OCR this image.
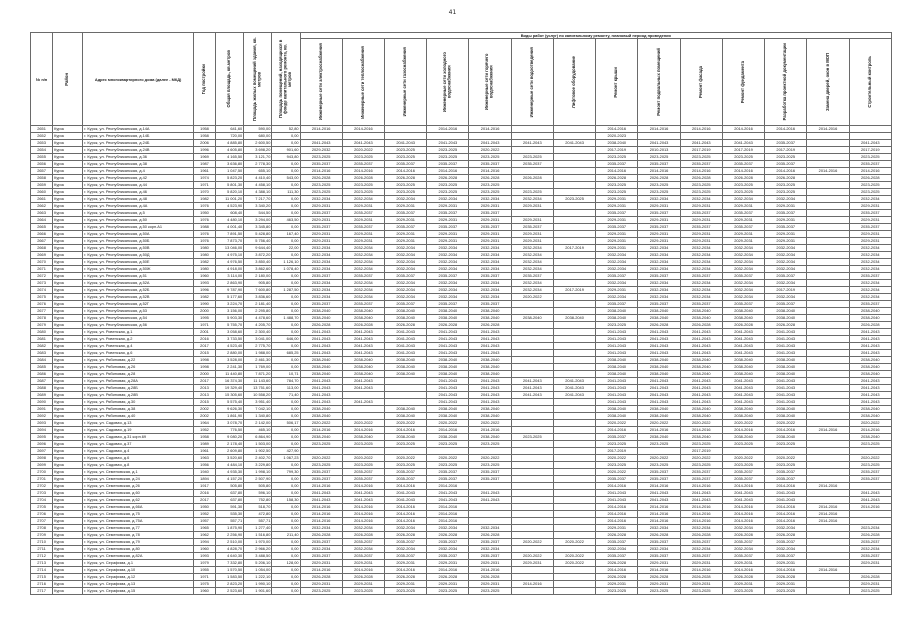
41
№ п/п	Район	Адрес многоквартирного дома (далее - МКД)	Год постройки	Общая площадь, кв.метров	Площадь жилых помещений здания, кв. метров	Площадь помещений, находящихся в фонде капитального ремонта, кв. метров	Виды работ (услуг) по капитальному ремонту, плановый период проведения													

							Инженерные сети электроснабжения	Инженерные сети теплоснабжения	Инженерные сети газоснабжения	Инженерные сети холодного водоснабжения	Инженерные сети горячего водоснабжения	Инженерные сети водоотведения	Лифтовое оборудование	Ремонт крыши	Ремонт подвальных помещений	Ремонт фасада	Ремонт фундамента	Разработка проектной документации	Замена дверей, окон в МОП	Строительный контроль

2651	Курск	г. Курск, ул. Республиканская, д.14А	1958	641,60	590,00	52,80	2014-2016	2014-2016		2014-2016	2014-2016			2014-2016	2014-2016	2014-2016	2014-2016	2014-2016	2014-2016	
2652	Курск	г. Курск, ул. Республиканская, д.14Б	1958	720,00	680,00	0,00								2020-2023						
2653	Курск	г. Курск, ул. Республиканская, д.24Б	2006	4 885,80	2 600,50	0,00	2041-2043	2041-2043	2041-2043	2041-2043	2041-2043	2041-2043	2041-2043	2038-2040	2041-2043	2041-2043	2041-2043	2035-2037		2041-2043
2654	Курск	г. Курск, ул. Республиканская, д.24В	1996	4 605,80	3 698,20	901,60	2029-2032	2020-2022	2023-2025	2023-2025	2020-2022			2017-2019	2010-2013	2017-2019	2017-2019	2017-2019		2017-2019
2655	Курск	г. Курск, ул. Республиканская, д.36	1969	4 165,50	3 121,70	943,80	2023-2025	2023-2025	2023-2025	2023-2025	2023-2025	2023-2025		2023-2025	2023-2025	2023-2025	2023-2025	2023-2025		2023-2025
2656	Курск	г. Курск, ул. Республиканская, д.38	1987	3 636,80	2 778,30	0,00	2035-2037	2035-2037	2035-2037	2035-2037	2035-2037	2035-2037		2035-2037	2035-2037	2035-2037	2035-2037	2035-2037		2035-2037
2657	Курск	г. Курск, ул. Республиканская, д.4	1961	1 047,50	655,10	0,00	2014-2016	2014-2016	2014-2016	2014-2016	2014-2016			2014-2016	2014-2016	2014-2016	2014-2016	2014-2016	2014-2016	2014-2016
2658	Курск	г. Курск, ул. Республиканская, д.42	1974	5 823,20	4 410,40	543,00	2026-2028	2026-2028	2026-2028	2026-2028	2026-2028	2026-2028		2026-2028	2026-2028	2026-2028	2026-2028	2026-2028		2026-2028
2659	Курск	г. Курск, ул. Республиканская, д.44	1971	5 801,30	4 458,10	0,00	2023-2025	2023-2025	2023-2025	2023-2025	2023-2025			2023-2025	2023-2025	2023-2025	2023-2025	2023-2025		2023-2025
2660	Курск	г. Курск, ул. Республиканская, д.46	1970	5 820,10	4 388,10	111,30	2023-2025	2023-2025	2023-2025	2023-2025	2023-2025	2023-2025		2023-2025	2023-2025	2023-2025	2023-2025	2023-2025		2023-2025
2661	Курск	г. Курск, ул. Республиканская, д.48	1982	11 001,20	7 217,70	0,00	2032-2034	2032-2034	2032-2034	2032-2034	2032-2034	2032-2034	2023-2025	2029-2031	2032-2034	2032-2034	2032-2034	2032-2034		2032-2034
2662	Курск	г. Курск, ул. Республиканская, д.4А	1976	4 523,90	3 340,20	0,00	2029-2031	2029-2031	2029-2031	2029-2031	2029-2031	2029-2031		2029-2031	2029-2031	2029-2031	2029-2031	2029-2031		2029-2031
2663	Курск	г. Курск, ул. Республиканская, д.5	1950	608,40	544,50	0,00	2035-2037	2035-2037	2035-2037	2035-2037	2035-2037			2035-2037	2035-2037	2035-2037	2035-2037	2035-2037		2035-2037
2664	Курск	г. Курск, ул. Республиканская, д.50	1976	4 480,10	3 294,00	463,50	2029-2031	2029-2031	2029-2031	2029-2031	2029-2031	2029-2031		2029-2031	2029-2031	2029-2031	2029-2031	2029-2031		2029-2031
2665	Курск	г. Курск, ул. Республиканская, д.50 корп.А1	1988	4 001,40	3 345,80	0,00	2035-2037	2035-2037	2035-2037	2035-2037	2035-2037	2035-2037		2035-2037	2035-2037	2035-2037	2035-2037	2035-2037		2035-2037
2666	Курск	г. Курск, ул. Республиканская, д.50А	1976	7 891,50	5 428,80	167,40	2029-2031	2029-2031	2029-2031	2029-2031	2029-2031	2029-2031		2029-2031	2029-2031	2029-2031	2029-2031	2029-2031		2029-2031
2667	Курск	г. Курск, ул. Республиканская, д.50Б	1976	7 873,70	5 756,40	0,00	2029-2031	2029-2031	2029-2031	2029-2031	2029-2031	2029-2031		2029-2031	2029-2031	2029-2031	2029-2031	2029-2031		2029-2031
2668	Курск	г. Курск, ул. Республиканская, д.50В	1980	13 046,00	9 644,40	22,00	2032-2034	2032-2034	2032-2034	2032-2034	2032-2034	2032-2034	2017-2019	2029-2031	2032-2034	2032-2034	2032-2034	2032-2034		2032-2034
2669	Курск	г. Курск, ул. Республиканская, д.50Д	1980	4 975,10	3 872,20	0,00	2032-2034	2032-2034	2032-2034	2032-2034	2032-2034	2032-2034		2032-2034	2032-2034	2032-2034	2032-2034	2032-2034		2032-2034
2670	Курск	г. Курск, ул. Республиканская, д.50Е	1982	4 976,50	3 850,40	1 126,10	2032-2034	2032-2034	2032-2034	2032-2034	2032-2034	2032-2034		2032-2034	2032-2034	2032-2034	2032-2034	2032-2034		2032-2034
2671	Курск	г. Курск, ул. Республиканская, д.50Ж	1980	4 918,00	3 862,60	1 078,40	2032-2034	2032-2034	2032-2034	2032-2034	2032-2034	2032-2034		2032-2034	2032-2034	2032-2034	2032-2034	2032-2034		2032-2034
2672	Курск	г. Курск, ул. Республиканская, д.51	1960	3 114,00	2 180,00	0,00	2035-2037	2035-2037	2035-2037	2035-2037	2035-2037	2035-2037		2035-2037	2035-2037	2035-2037	2035-2037	2035-2037		2035-2037
2673	Курск	г. Курск, ул. Республиканская, д.52А	1993	2 863,90	905,80	0,00	2032-2034	2032-2034	2032-2034	2032-2034	2032-2034	2032-2034		2032-2034	2032-2034	2032-2034	2032-2034	2032-2034		2032-2034
2674	Курск	г. Курск, ул. Республиканская, д.52Б	1996	9 787,90	7 600,80	1 287,50	2032-2034	2032-2034	2032-2034	2032-2034	2032-2034	2032-2034	2017-2019	2029-2031	2032-2034	2032-2034	2032-2034	2017-2019		2032-2034
2675	Курск	г. Курск, ул. Республиканская, д.52В	1982	5 177,60	3 836,60	0,00	2032-2034	2032-2034	2032-2034	2032-2034	2032-2034	2020-2022		2032-2034	2032-2034	2032-2034	2032-2034	2032-2034		2032-2034
2676	Курск	г. Курск, ул. Республиканская, д.52Г	1990	3 224,70	2 181,40	0,00	2035-2037	2035-2037	2035-2037	2035-2037	2035-2037			2035-2037	2035-2037	2035-2037	2035-2037	2035-2037		2035-2037
2677	Курск	г. Курск, ул. Республиканская, д.53	2000	3 156,00	2 295,80	0,00	2038-2040	2038-2040	2038-2040	2038-2040	2038-2040			2038-2040	2038-2040	2038-2040	2038-2040	2038-2040		2038-2040
2678	Курск	г. Курск, ул. Республиканская, д.54	1995	5 903,30	4 478,60	1 488,70	2038-2040	2038-2040	2038-2040	2038-2040	2038-2040	2038-2040	2038-2040	2038-2040	2038-2040	2038-2040	2038-2040	2038-2040		2038-2040
2679	Курск	г. Курск, ул. Республиканская, д.56	1971	5 755,70	4 205,70	0,00	2026-2028	2026-2028	2026-2028	2026-2028	2026-2028			2023-2025	2026-2028	2026-2028	2026-2028	2026-2028		2026-2028
2680	Курск	г. Курск, ул. Ровенская, д.1	2001	3 058,60	2 300,40	0,00	2041-2043	2041-2043	2041-2043	2041-2043	2041-2043			2041-2043	2041-2043	2041-2043	2041-2043	2041-2043		2041-2043
2681	Курск	г. Курск, ул. Ровенская, д.2	2016	3 733,50	3 041,00	646,00	2041-2043	2041-2043	2041-2043	2041-2043	2041-2043			2041-2043	2041-2043	2041-2043	2041-2043	2041-2043		2041-2043
2682	Курск	г. Курск, ул. Ровенская, д.4	2017	4 523,40	2 775,70	0,00	2041-2043	2041-2043	2041-2043	2041-2043	2041-2043			2041-2043	2041-2043	2041-2043	2041-2043	2041-2043		2041-2043
2683	Курск	г. Курск, ул. Ровенская, д.6	2015	2 880,00	1 988,00	685,25	2041-2043	2041-2043	2041-2043	2041-2043	2041-2043			2041-2043	2041-2043	2041-2043	2041-2043	2041-2043		2041-2043
2684	Курск	г. Курск, ул. Рябиновая, д.22	1998	3 528,00	2 461,30	0,00	2038-2040	2038-2040	2038-2040	2038-2040	2038-2040			2038-2040	2038-2040	2038-2040	2038-2040	2038-2040		2038-2040
2685	Курск	г. Курск, ул. Рябиновая, д.26	1998	2 241,30	1 769,00	0,00	2038-2040	2038-2040	2038-2040	2038-2040	2038-2040			2038-2040	2038-2040	2038-2040	2038-2040	2038-2040		2038-2040
2686	Курск	г. Курск, ул. Рябиновая, д.28	2000	11 440,80	7 871,20	10,71	2038-2040	2038-2040	2038-2040	2038-2040	2038-2040			2038-2040	2038-2040	2038-2040	2038-2040	2038-2040		2038-2040
2687	Курск	г. Курск, ул. Рябиновая, д.28А	2017	16 374,30	11 143,60	784,70	2041-2043	2041-2043		2041-2043	2041-2043	2041-2043	2041-2043	2041-2043	2041-2043	2041-2043	2041-2043	2041-2043		2041-2043
2688	Курск	г. Курск, ул. Рябиновая, д.28Б	2013	19 329,40	13 751,60	113,00	2041-2043	2041-2043		2041-2043	2041-2043	2041-2043	2041-2043	2041-2043	2041-2043	2041-2043	2041-2043	2041-2043		2041-2043
2689	Курск	г. Курск, ул. Рябиновая, д.28В	2013	15 305,60	10 558,20	71,40	2041-2043			2041-2043	2041-2043	2041-2043	2041-2043	2041-2043	2041-2043	2041-2043	2041-2043	2041-2043		2041-2043
2690	Курск	г. Курск, ул. Рябиновая, д.30	2015	5 575,40	3 951,40	0,00	2041-2043	2041-2043		2041-2043	2041-2043			2041-2043	2041-2043	2041-2043	2041-2043	2041-2043		2041-2043
2691	Курск	г. Курск, ул. Рябиновая, д.38	2002	9 626,30	7 042,10	0,00	2038-2040		2038-2040	2038-2040	2038-2040			2038-2040	2038-2040	2038-2040	2038-2040	2038-2040		2038-2040
2692	Курск	г. Курск, ул. Рябиновая, д.40	2002	1 861,90	1 340,80	0,00	2038-2040		2038-2040	2038-2040	2038-2040			2038-2040	2038-2040	2038-2040	2038-2040	2038-2040		2038-2040
2693	Курск	г. Курск, ул. Садовая, д.13	1964	3 078,70	2 142,00	506,17	2020-2022	2020-2022	2020-2022	2020-2022	2020-2022			2020-2022	2020-2022	2020-2022	2020-2022	2020-2022		2020-2022
2694	Курск	г. Курск, ул. Садовая, д.19	1952	776,50	465,10	0,00	2014-2016	2014-2016	2014-2016	2014-2016	2014-2016			2014-2016	2014-2016	2014-2016	2014-2016	2014-2016	2014-2016	2014-2016
2695	Курск	г. Курск, ул. Садовая, д.31 корп.69	1958	9 080,20	6 864,90	0,00	2038-2040	2038-2040	2038-2040	2038-2040	2038-2040	2023-2025		2035-2037	2038-2040	2038-2040	2038-2040	2038-2040		2038-2040
2696	Курск	г. Курск, ул. Садовая, д.37	1989	2 178,40	1 503,00	0,00	2023-2025	2023-2025	2023-2025	2023-2025	2023-2025			2023-2025	2023-2025	2023-2025	2023-2025	2023-2025		2023-2025
2697	Курск	г. Курск, ул. Садовая, д.4	1961	2 609,80	1 902,50	427,90								2017-2019		2017-2019				
2698	Курск	г. Курск, ул. Садовая, д.6	1963	3 520,60	2 402,70	1 067,23	2020-2022	2020-2022	2020-2022	2020-2022	2020-2022			2020-2022	2020-2022	2020-2022	2020-2022	2020-2022		2020-2022
2699	Курск	г. Курск, ул. Садовая, д.8	1956	4 484,10	3 229,80	0,00	2023-2025	2023-2025	2023-2025	2023-2025	2023-2025			2023-2025	2023-2025	2023-2025	2023-2025	2023-2025		2023-2025
2700	Курск	г. Курск, ул. Семеновская, д.1	1940	4 935,30	1 998,10	799,30	2035-2037	2035-2037	2035-2037	2035-2037	2035-2037			2020-2022	2035-2037	2035-2037	2035-2037	2035-2037		2035-2037
2701	Курск	г. Курск, ул. Семеновская, д.24	1894	4 157,20	2 507,90	0,00	2035-2037	2035-2037	2035-2037	2035-2037	2035-2037			2035-2037	2035-2037	2035-2037	2035-2037	2035-2037		2035-2037
2702	Курск	г. Курск, ул. Семеновская, д.26	1917	505,80	505,80	0,00	2014-2016	2014-2016	2014-2016	2014-2016				2014-2016	2014-2016	2014-2016	2014-2016	2014-2016	2014-2016	
2703	Курск	г. Курск, ул. Семеновская, д.60	2016	637,80	596,10	0,00	2041-2043	2041-2043	2041-2043	2041-2043	2041-2043			2041-2043	2041-2043	2041-2043	2041-2043	2041-2043		2041-2043
2704	Курск	г. Курск, ул. Семеновская, д.62	2017	637,80	752,80	158,30	2041-2043	2041-2043	2041-2043	2041-2043	2041-2043			2041-2043	2041-2043	2041-2043	2041-2043	2041-2043		2041-2043
2705	Курск	г. Курск, ул. Семеновская, д.66А	1950	591,30	518,70	0,00	2014-2016	2014-2016	2014-2016	2014-2016				2014-2016	2014-2016	2014-2016	2014-2016	2014-2016	2014-2016	2014-2016
2706	Курск	г. Курск, ул. Семеновская, д.75	1952	535,30	472,80	0,00	2014-2016	2014-2016	2014-2016	2014-2016				2014-2016	2014-2016	2014-2016	2014-2016	2014-2016	2014-2016	
2707	Курск	г. Курск, ул. Семеновская, д.75А	1957	557,71	557,71	0,00	2014-2016	2014-2016	2014-2016	2014-2016				2014-2016	2014-2016	2014-2016	2014-2016	2014-2016	2014-2016	
2708	Курск	г. Курск, ул. Семеновская, д.77	1965	1 875,90	1 277,40	0,00	2032-2034	2032-2034	2032-2034	2032-2034	2032-2034			2029-2031	2032-2034	2032-2034	2032-2034	2032-2034		2023-2034
2709	Курск	г. Курск, ул. Семеновская, д.78	1962	2 256,90	1 516,80	211,40	2026-2028	2026-2028	2026-2028	2026-2028	2026-2028			2026-2028	2026-2028	2026-2028	2026-2028	2026-2028		2026-2028
2710	Курск	г. Курск, ул. Семеновская, д.79	1994	2 510,00	1 970,00	0,00	2035-2037	2035-2037	2035-2037	2035-2037	2035-2037	2020-2022	2020-2022	2035-2037	2035-2037	2035-2037	2035-2037	2035-2037		2035-2037
2711	Курск	г. Курск, ул. Семеновская, д.80	1960	4 828,70	2 966,20	0,00	2032-2034	2032-2034	2032-2034	2032-2034	2032-2034			2032-2034	2032-2034	2032-2034	2032-2034	2032-2034		2032-2034
2712	Курск	г. Курск, ул. Семеновская, д.82А	1993	4 640,30	3 488,50	0,00	2035-2037	2035-2037	2035-2037	2035-2037	2035-2037	2020-2022	2020-2022	2035-2037	2035-2037	2035-2037	2035-2037	2035-2037		2035-2037
2713	Курск	г. Курск, ул. Серафима, д.1	1979	7 332,80	5 206,10	128,00	2029-2031	2029-2031	2029-2031	2029-2031	2029-2031	2029-2031	2020-2022	2026-2028	2029-2031	2029-2031	2029-2031	2029-2031		2029-2031
2714	Курск	г. Курск, ул. Серафима, д.10	1955	1 570,50	1 054,00	0,00	2014-2016	2014-2016	2014-2016	2014-2016	2014-2016			2014-2016	2014-2016	2014-2016	2014-2016	2014-2016	2014-2016	
2715	Курск	г. Курск, ул. Серафима, д.12	1971	1 583,50	1 222,10	0,00	2026-2028	2026-2028	2026-2028	2026-2028	2026-2028			2026-2028	2026-2028	2026-2028	2026-2028	2026-2028		2026-2028
2716	Курск	г. Курск, ул. Серафима, д.13	1975	2 823,20	1 990,10	0,00	2029-2031	2029-2031	2029-2031	2029-2031	2029-2031	2014-2016		2029-2031	2029-2031	2029-2031	2029-2031	2029-2031		2029-2031
2717	Курск	г. Курск, ул. Серафима, д.15	1960	2 523,60	1 901,60	0,00	2023-2025	2023-2025	2023-2025	2023-2025	2023-2025			2023-2025	2023-2025	2023-2025	2023-2025	2023-2025		2023-2025
